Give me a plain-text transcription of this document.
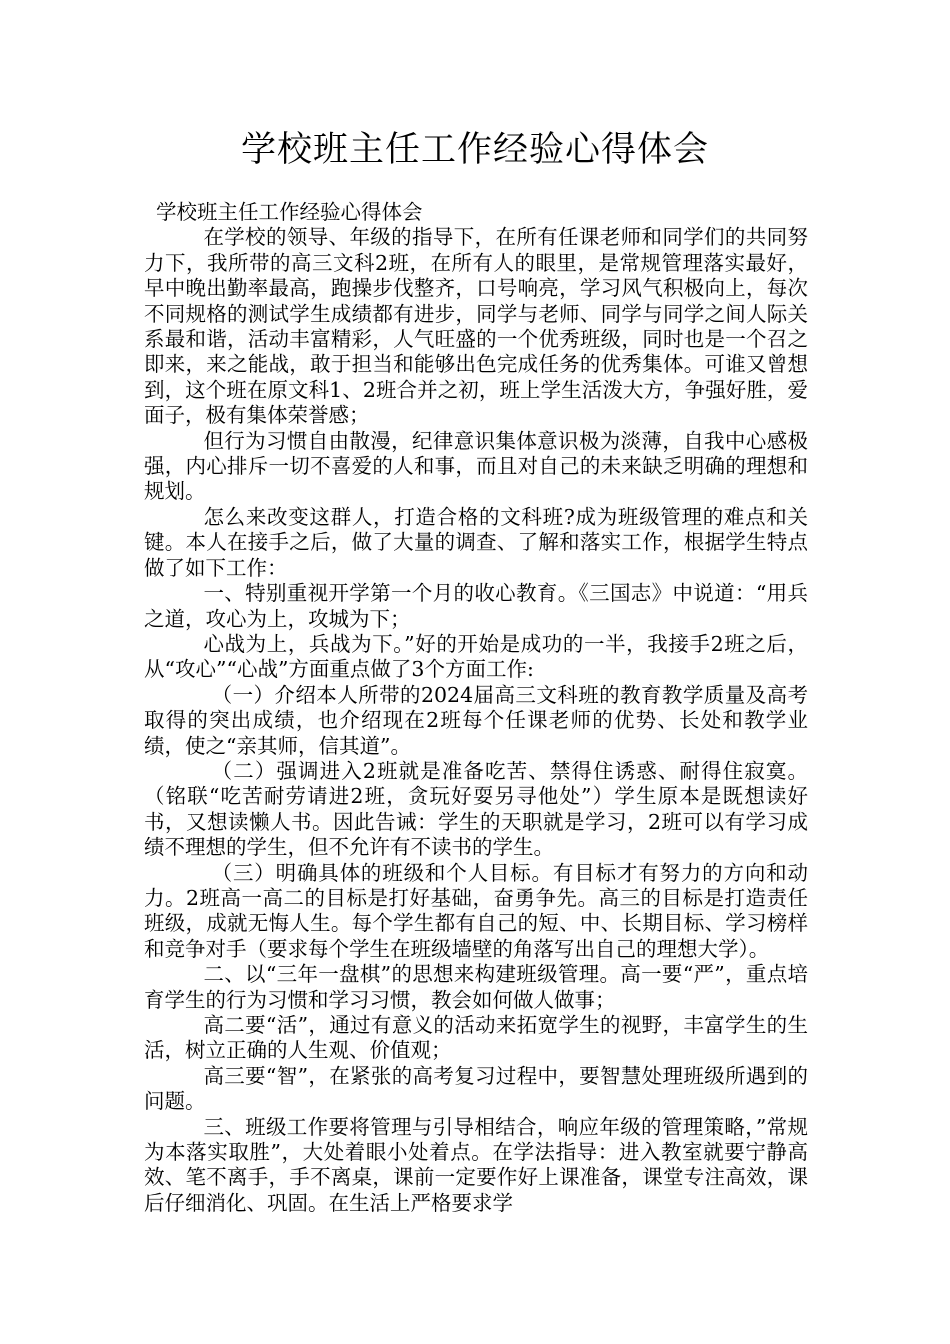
学校班主任工作经验心得体会

学校班主任工作经验心得体会

在学校的领导、年级的指导下，在所有任课老师和同学们的共同努力下，我所带的高三文科2班，在所有人的眼里，是常规管理落实最好，早中晚出勤率最高，跑操步伐整齐，口号响亮，学习风气积极向上，每次不同规格的测试学生成绩都有进步，同学与老师、同学与同学之间人际关系最和谐，活动丰富精彩，人气旺盛的一个优秀班级，同时也是一个召之即来，来之能战，敢于担当和能够出色完成任务的优秀集体。可谁又曾想到，这个班在原文科1、2班合并之初，班上学生活泼大方，争强好胜，爱面子，极有集体荣誉感；

但行为习惯自由散漫，纪律意识集体意识极为淡薄，自我中心感极强，内心排斥一切不喜爱的人和事，而且对自己的未来缺乏明确的理想和规划。

怎么来改变这群人，打造合格的文科班?成为班级管理的难点和关键。本人在接手之后，做了大量的调查、了解和落实工作，根据学生特点做了如下工作：

一、特别重视开学第一个月的收心教育。《三国志》中说道：“用兵之道，攻心为上，攻城为下；

心战为上，兵战为下。”好的开始是成功的一半，我接手2班之后，从“攻心”“心战”方面重点做了3个方面工作:

（一）介绍本人所带的2024届高三文科班的教育教学质量及高考取得的突出成绩，也介绍现在2班每个任课老师的优势、长处和教学业绩，使之“亲其师，信其道”。

（二）强调进入2班就是准备吃苦、禁得住诱惑、耐得住寂寞。（铭联“吃苦耐劳请进2班，贪玩好耍另寻他处”）学生原本是既想读好书，又想读懒人书。因此告诫：学生的天职就是学习，2班可以有学习成绩不理想的学生，但不允许有不读书的学生。

（三）明确具体的班级和个人目标。有目标才有努力的方向和动力。2班高一高二的目标是打好基础，奋勇争先。高三的目标是打造责任班级，成就无悔人生。每个学生都有自己的短、中、长期目标、学习榜样和竞争对手（要求每个学生在班级墙壁的角落写出自己的理想大学）。

二、以“三年一盘棋”的思想来构建班级管理。高一要“严”，重点培育学生的行为习惯和学习习惯，教会如何做人做事；

高二要“活”，通过有意义的活动来拓宽学生的视野，丰富学生的生活，树立正确的人生观、价值观；

高三要“智”，在紧张的高考复习过程中，要智慧处理班级所遇到的问题。

三、班级工作要将管理与引导相结合，响应年级的管理策略，”常规为本落实取胜”，大处着眼小处着点。在学法指导：进入教室就要宁静高效、笔不离手，手不离桌，课前一定要作好上课准备，课堂专注高效，课后仔细消化、巩固。在生活上严格要求学
